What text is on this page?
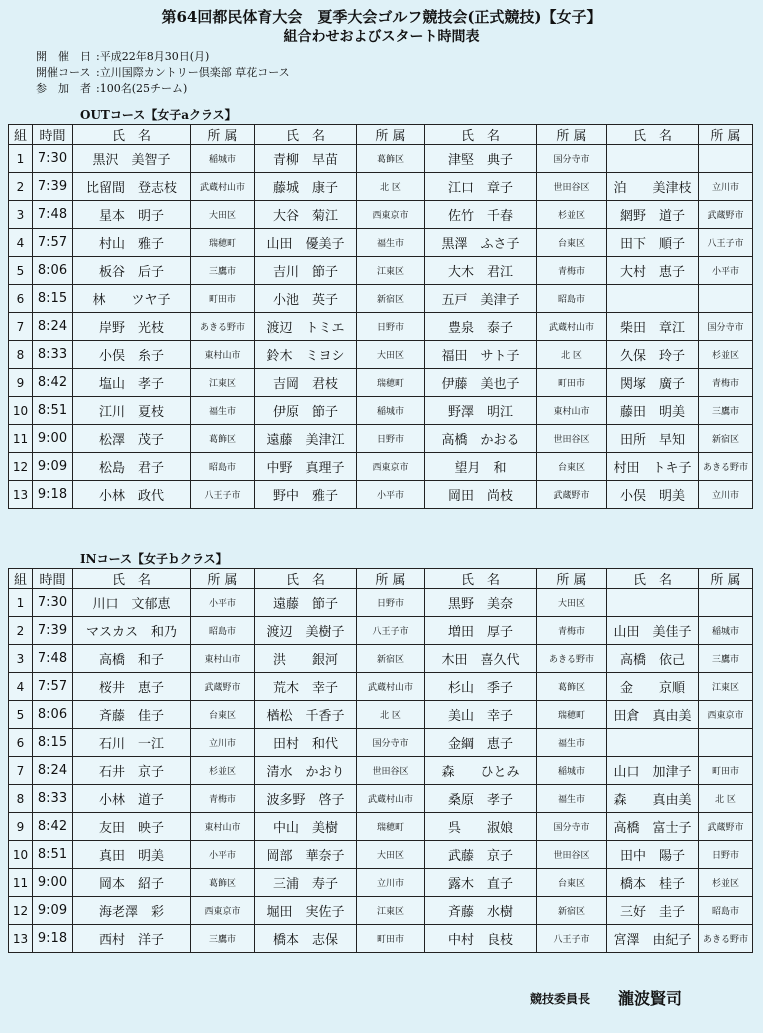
第64回都民体育大会　夏季大会ゴルフ競技会(正式競技)【女子】
組合わせおよびスタート時間表
開　催　日 :平成22年8月30日(月)
開催コース :立川国際カントリー倶楽部 草花コース
参　加　者 :100名(25チーム)
OUTコース【女子aクラス】
組	時間	氏　名	所 属	氏　名	所 属	氏　名	所 属	氏　名	所 属
1	7:30	黒沢　美智子	稲城市	青柳　早苗	葛飾区	津堅　典子	国分寺市		
2	7:39	比留間　登志枝	武蔵村山市	藤城　康子	北 区	江口　章子	世田谷区	泊　　美津枝	立川市
3	7:48	星本　明子	大田区	大谷　菊江	西東京市	佐竹　千春	杉並区	網野　道子	武蔵野市
4	7:57	村山　雅子	瑞穂町	山田　優美子	福生市	黒澤　ふさ子	台東区	田下　順子	八王子市
5	8:06	板谷　后子	三鷹市	吉川　節子	江東区	大木　君江	青梅市	大村　恵子	小平市
6	8:15	林　　ツヤ子	町田市	小池　英子	新宿区	五戸　美津子	昭島市		
7	8:24	岸野　光枝	あきる野市	渡辺　トミエ	日野市	豊泉　泰子	武蔵村山市	柴田　章江	国分寺市
8	8:33	小俣　糸子	東村山市	鈴木　ミヨシ	大田区	福田　サト子	北 区	久保　玲子	杉並区
9	8:42	塩山　孝子	江東区	吉岡　君枝	瑞穂町	伊藤　美也子	町田市	関塚　廣子	青梅市
10	8:51	江川　夏枝	福生市	伊原　節子	稲城市	野澤　明江	東村山市	藤田　明美	三鷹市
11	9:00	松澤　茂子	葛飾区	遠藤　美津江	日野市	高橋　かおる	世田谷区	田所　早知	新宿区
12	9:09	松島　君子	昭島市	中野　真理子	西東京市	望月　和	台東区	村田　トキ子	あきる野市
13	9:18	小林　政代	八王子市	野中　雅子	小平市	岡田　尚枝	武蔵野市	小俣　明美	立川市
INコース【女子ｂクラス】
組	時間	氏　名	所 属	氏　名	所 属	氏　名	所 属	氏　名	所 属
1	7:30	川口　文郁恵	小平市	遠藤　節子	日野市	黒野　美奈	大田区		
2	7:39	マスカス　和乃	昭島市	渡辺　美樹子	八王子市	増田　厚子	青梅市	山田　美佳子	稲城市
3	7:48	高橋　和子	東村山市	洪　　銀河	新宿区	木田　喜久代	あきる野市	高橋　依己	三鷹市
4	7:57	桜井　恵子	武蔵野市	荒木　幸子	武蔵村山市	杉山　季子	葛飾区	金　　京順	江東区
5	8:06	斉藤　佳子	台東区	楢松　千香子	北 区	美山　幸子	瑞穂町	田倉　真由美	西東京市
6	8:15	石川　一江	立川市	田村　和代	国分寺市	金綱　恵子	福生市		
7	8:24	石井　京子	杉並区	清水　かおり	世田谷区	森　　ひとみ	稲城市	山口　加津子	町田市
8	8:33	小林　道子	青梅市	波多野　啓子	武蔵村山市	桑原　孝子	福生市	森　　真由美	北 区
9	8:42	友田　映子	東村山市	中山　美樹	瑞穂町	呉　　淑娘	国分寺市	高橋　富士子	武蔵野市
10	8:51	真田　明美	小平市	岡部　華奈子	大田区	武藤　京子	世田谷区	田中　陽子	日野市
11	9:00	岡本　紹子	葛飾区	三浦　寿子	立川市	露木　直子	台東区	橋本　桂子	杉並区
12	9:09	海老澤　彩	西東京市	堀田　実佐子	江東区	斉藤　水樹	新宿区	三好　圭子	昭島市
13	9:18	西村　洋子	三鷹市	橋本　志保	町田市	中村　良枝	八王子市	宮澤　由紀子	あきる野市
競技委員長 瀧波賢司
